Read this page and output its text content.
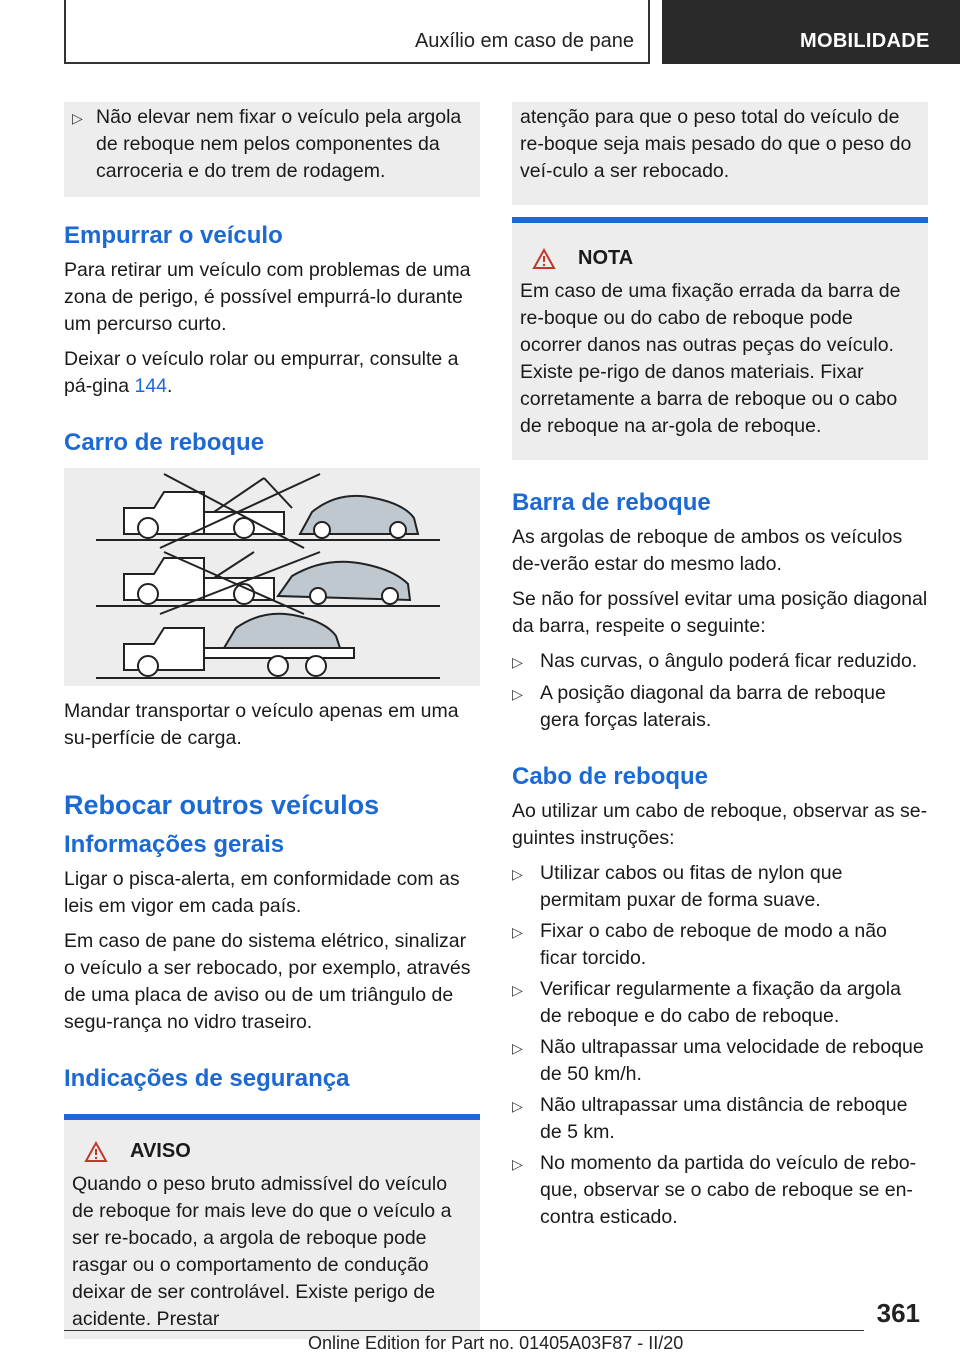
Auxílio em caso de pane	MOBILIDADE
▷ Não elevar nem fixar o veículo pela argola de reboque nem pelos componentes da carroceria e do trem de rodagem.
Empurrar o veículo

Para retirar um veículo com problemas de uma zona de perigo, é possível empurrá-lo durante um percurso curto.

Deixar o veículo rolar ou empurrar, consulte a pá-gina 144.

Carro de reboque

Mandar transportar o veículo apenas em uma su-perfície de carga.

Rebocar outros veículos
Informações gerais

Ligar o pisca-alerta, em conformidade com as leis em vigor em cada país.

Em caso de pane do sistema elétrico, sinalizar o veículo a ser rebocado, por exemplo, através de uma placa de aviso ou de um triângulo de segu-rança no vidro traseiro.

Indicações de segurança
AVISO
Quando o peso bruto admissível do veículo de reboque for mais leve do que o veículo a ser re-bocado, a argola de reboque pode rasgar ou o comportamento de condução deixar de ser controlável. Existe perigo de acidente. Prestar
atenção para que o peso total do veículo de re-boque seja mais pesado do que o peso do veí-culo a ser rebocado.
NOTA
Em caso de uma fixação errada da barra de re-boque ou do cabo de reboque pode ocorrer danos nas outras peças do veículo. Existe pe-rigo de danos materiais. Fixar corretamente a barra de reboque ou o cabo de reboque na ar-gola de reboque.
Barra de reboque

As argolas de reboque de ambos os veículos de-verão estar do mesmo lado.

Se não for possível evitar uma posição diagonal da barra, respeite o seguinte:

▷ Nas curvas, o ângulo poderá ficar reduzido.
▷ A posição diagonal da barra de reboque gera forças laterais.
Cabo de reboque

Ao utilizar um cabo de reboque, observar as se-guintes instruções:

▷ Utilizar cabos ou fitas de nylon que permitam puxar de forma suave.
▷ Fixar o cabo de reboque de modo a não ficar torcido.
▷ Verificar regularmente a fixação da argola de reboque e do cabo de reboque.
▷ Não ultrapassar uma velocidade de reboque de 50 km/h.
▷ Não ultrapassar uma distância de reboque de 5 km.
▷ No momento da partida do veículo de rebo-que, observar se o cabo de reboque se en-contra esticado.
361
Online Edition for Part no. 01405A03F87 - II/20
